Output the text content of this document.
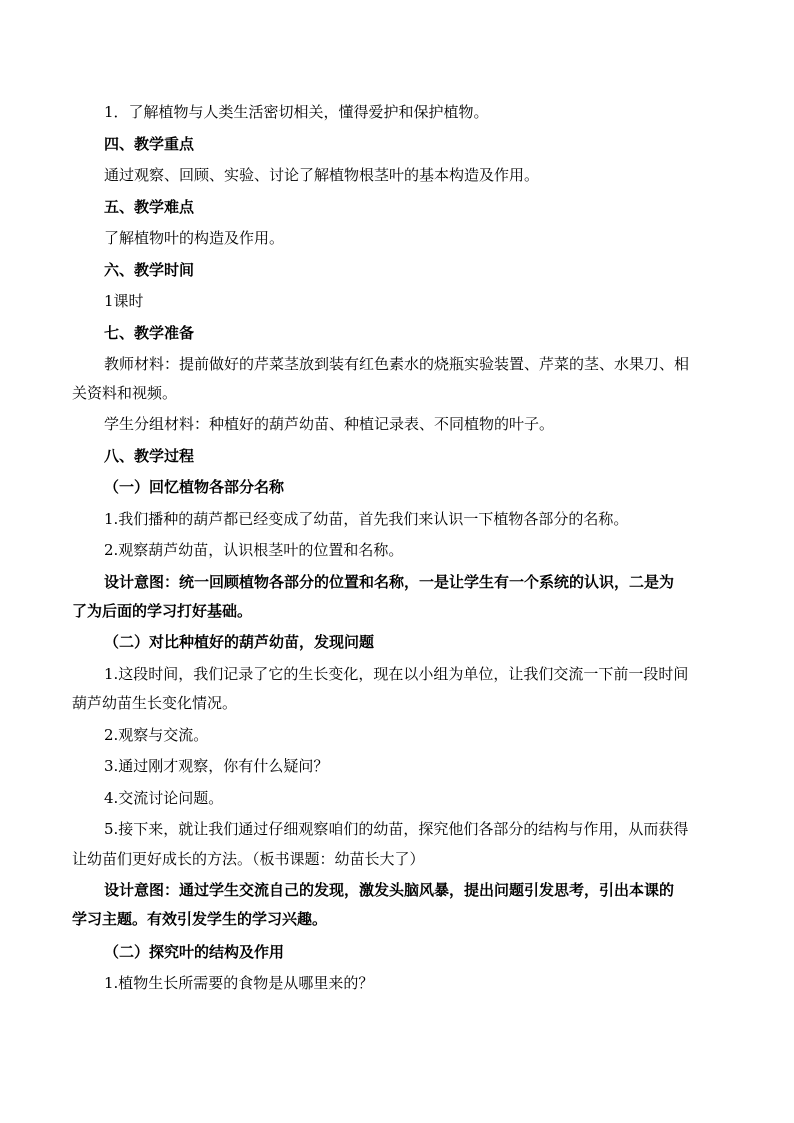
1．了解植物与人类生活密切相关，懂得爱护和保护植物。
四、教学重点
通过观察、回顾、实验、讨论了解植物根茎叶的基本构造及作用。
五、教学难点
了解植物叶的构造及作用。
六、教学时间
1课时
七、教学准备
教师材料：提前做好的芹菜茎放到装有红色素水的烧瓶实验装置、芹菜的茎、水果刀、相
关资料和视频。
学生分组材料：种植好的葫芦幼苗、种植记录表、不同植物的叶子。
八、教学过程
（一）回忆植物各部分名称
1.我们播种的葫芦都已经变成了幼苗，首先我们来认识一下植物各部分的名称。
2.观察葫芦幼苗，认识根茎叶的位置和名称。
设计意图：统一回顾植物各部分的位置和名称，一是让学生有一个系统的认识，二是为
了为后面的学习打好基础。
（二）对比种植好的葫芦幼苗，发现问题
1.这段时间，我们记录了它的生长变化，现在以小组为单位，让我们交流一下前一段时间
葫芦幼苗生长变化情况。
2.观察与交流。
3.通过刚才观察，你有什么疑问？
4.交流讨论问题。
5.接下来，就让我们通过仔细观察咱们的幼苗，探究他们各部分的结构与作用，从而获得
让幼苗们更好成长的方法。（板书课题：幼苗长大了）
设计意图：通过学生交流自己的发现，激发头脑风暴，提出问题引发思考，引出本课的
学习主题。有效引发学生的学习兴趣。
（二）探究叶的结构及作用
1.植物生长所需要的食物是从哪里来的？
